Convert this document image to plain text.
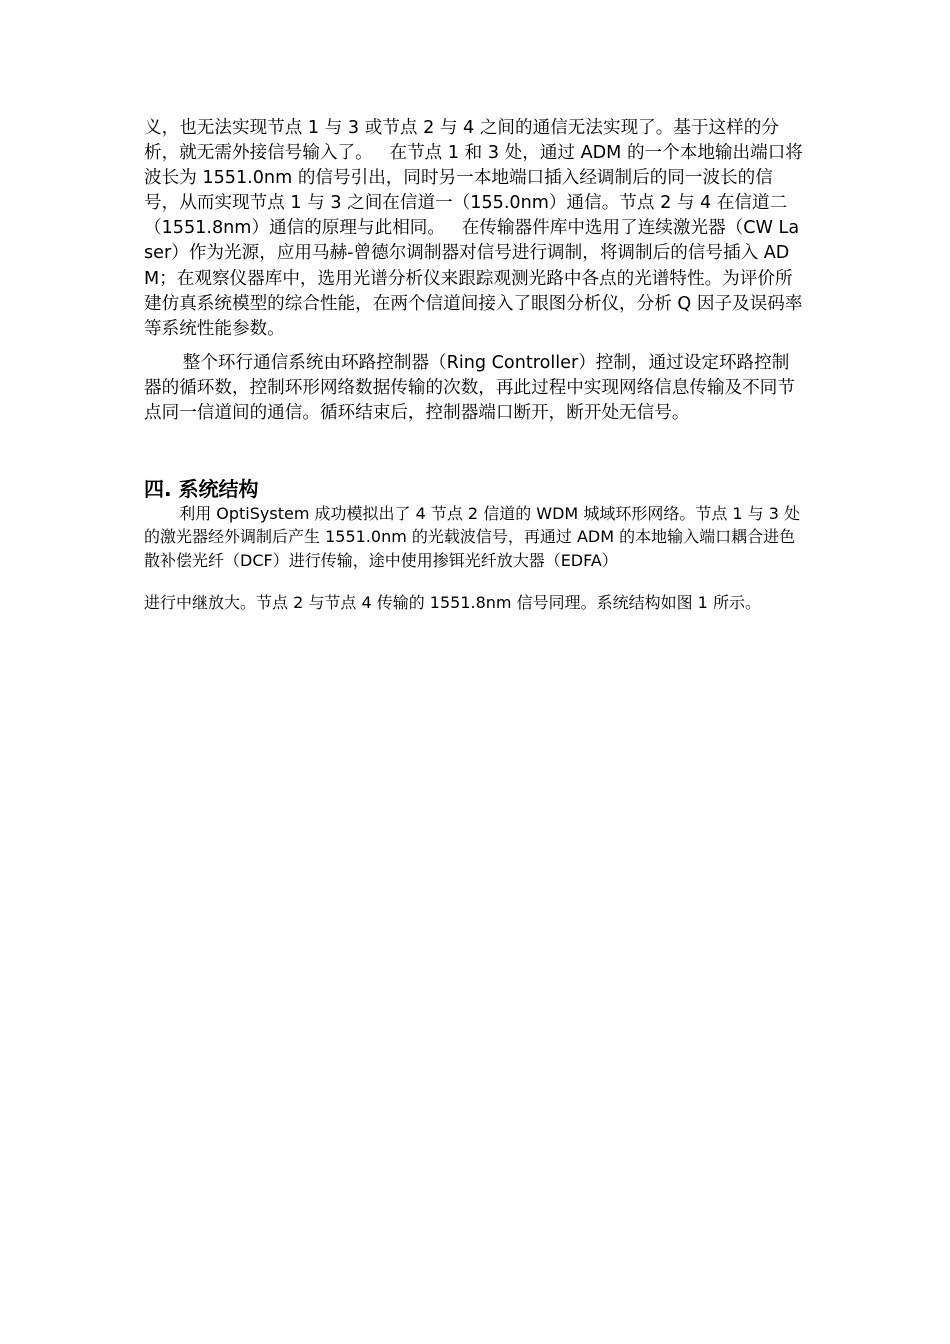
义，也无法实现节点 1 与 3 或节点 2 与 4 之间的通信无法实现了。基于这样的分析，就无需外接信号输入了。   在节点 1 和 3 处，通过 ADM 的一个本地输出端口将波长为 1551.0nm 的信号引出，同时另一本地端口插入经调制后的同一波长的信号，从而实现节点 1 与 3 之间在信道一（155.0nm）通信。节点 2 与 4 在信道二（1551.8nm）通信的原理与此相同。   在传输器件库中选用了连续激光器（CW Laser）作为光源，应用马赫-曾德尔调制器对信号进行调制，将调制后的信号插入 ADM；在观察仪器库中，选用光谱分析仪来跟踪观测光路中各点的光谱特性。为评价所建仿真系统模型的综合性能，在两个信道间接入了眼图分析仪，分析 Q 因子及误码率等系统性能参数。

整个环行通信系统由环路控制器（Ring Controller）控制，通过设定环路控制器的循环数，控制环形网络数据传输的次数，再此过程中实现网络信息传输及不同节点同一信道间的通信。循环结束后，控制器端口断开，断开处无信号。

四. 系统结构

利用 OptiSystem 成功模拟出了 4 节点 2 信道的 WDM 城域环形网络。节点 1 与 3 处的激光器经外调制后产生 1551.0nm 的光载波信号，再通过 ADM 的本地输入端口耦合进色散补偿光纤（DCF）进行传输，途中使用掺铒光纤放大器（EDFA）

进行中继放大。节点 2 与节点 4 传输的 1551.8nm 信号同理。系统结构如图 1 所示。
